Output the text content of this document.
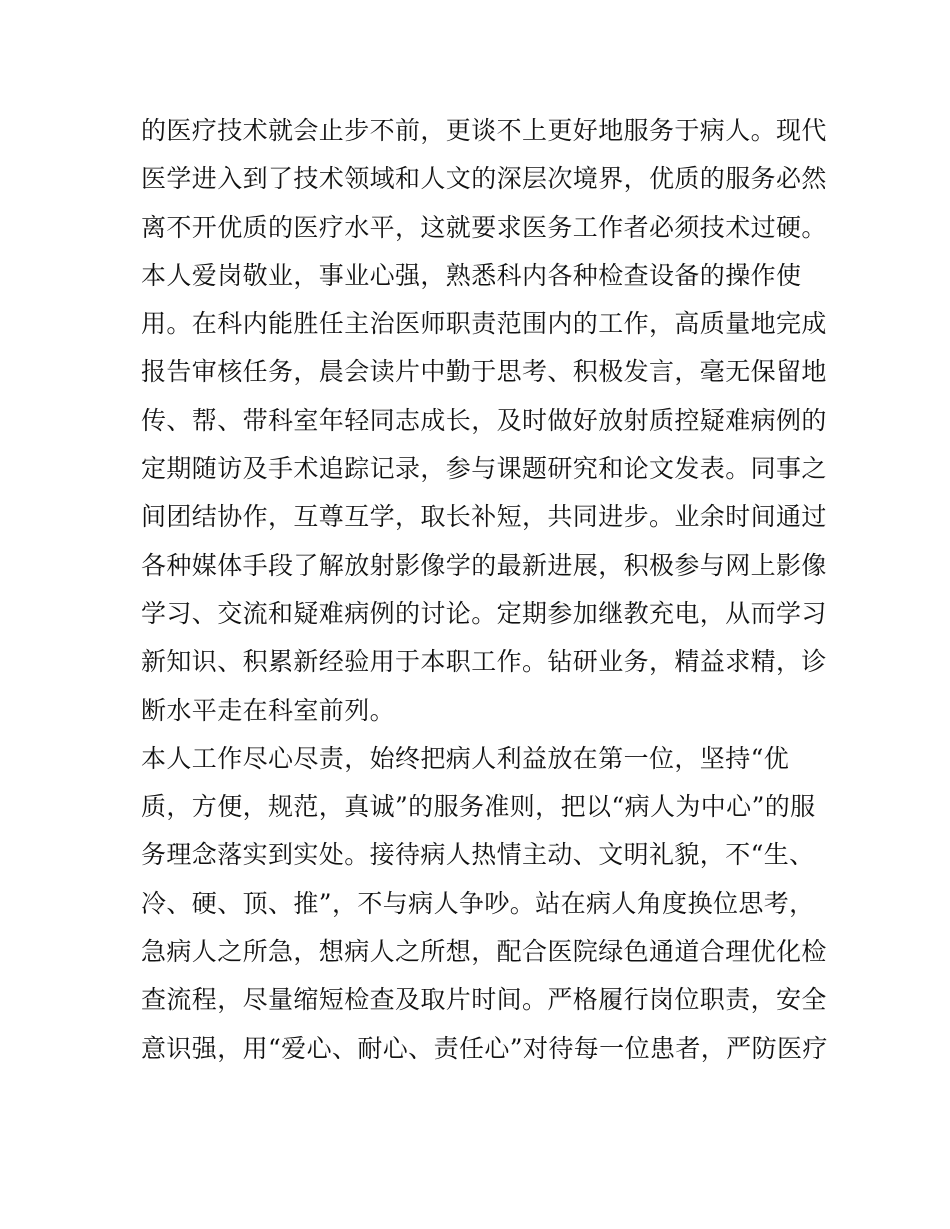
的医疗技术就会止步不前，更谈不上更好地服务于病人。现代
医学进入到了技术领域和人文的深层次境界，优质的服务必然
离不开优质的医疗水平，这就要求医务工作者必须技术过硬。
本人爱岗敬业，事业心强，熟悉科内各种检查设备的操作使
用。在科内能胜任主治医师职责范围内的工作，高质量地完成
报告审核任务，晨会读片中勤于思考、积极发言，毫无保留地
传、帮、带科室年轻同志成长，及时做好放射质控疑难病例的
定期随访及手术追踪记录，参与课题研究和论文发表。同事之
间团结协作，互尊互学，取长补短，共同进步。业余时间通过
各种媒体手段了解放射影像学的最新进展，积极参与网上影像
学习、交流和疑难病例的讨论。定期参加继教充电，从而学习
新知识、积累新经验用于本职工作。钻研业务，精益求精，诊
断水平走在科室前列。
本人工作尽心尽责，始终把病人利益放在第一位，坚持“优
质，方便，规范，真诚”的服务准则，把以“病人为中心”的服
务理念落实到实处。接待病人热情主动、文明礼貌，不“生、
冷、硬、顶、推”，不与病人争吵。站在病人角度换位思考，
急病人之所急，想病人之所想，配合医院绿色通道合理优化检
查流程，尽量缩短检查及取片时间。严格履行岗位职责，安全
意识强，用“爱心、耐心、责任心”对待每一位患者，严防医疗
